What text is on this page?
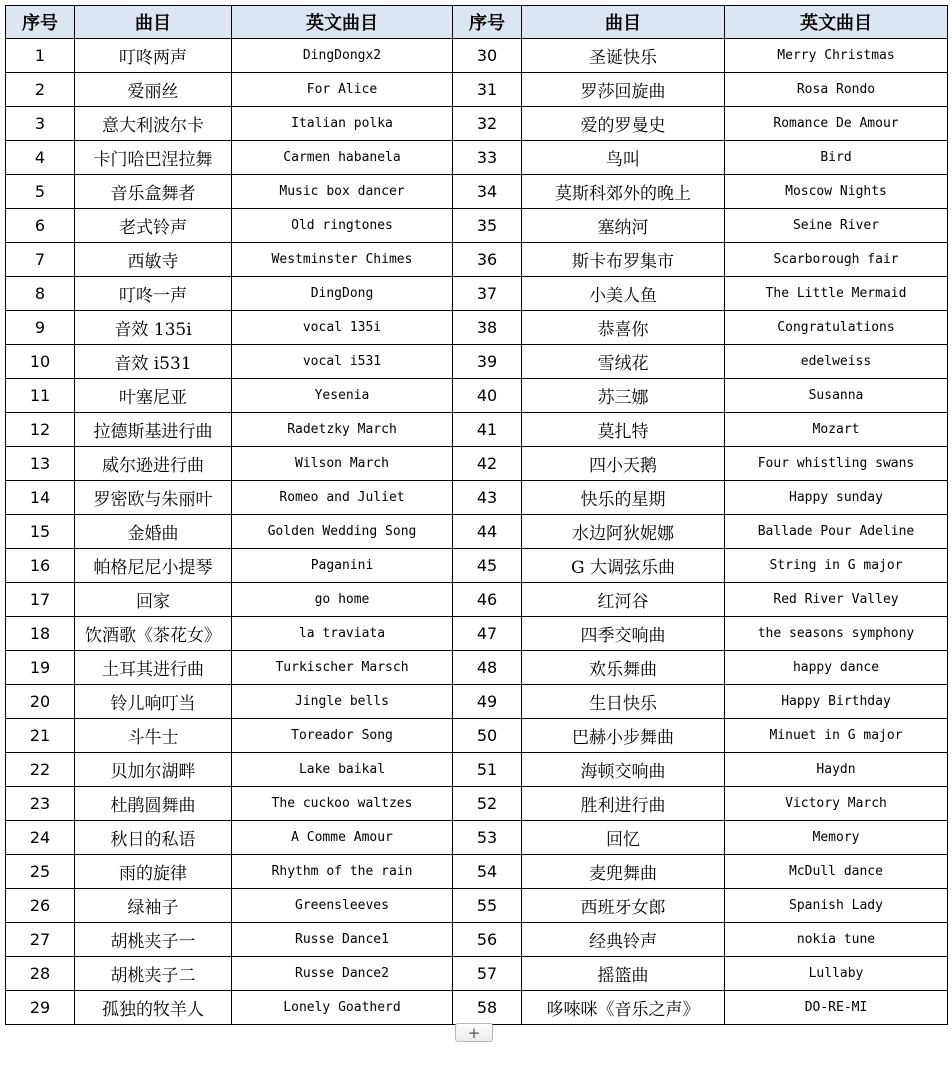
序号	曲目	英文曲目	序号	曲目	英文曲目
1	叮咚两声	DingDongx2	30	圣诞快乐	Merry Christmas
2	爱丽丝	For Alice	31	罗莎回旋曲	Rosa Rondo
3	意大利波尔卡	Italian polka	32	爱的罗曼史	Romance De Amour
4	卡门哈巴涅拉舞	Carmen habanela	33	鸟叫	Bird
5	音乐盒舞者	Music box dancer	34	莫斯科郊外的晚上	Moscow Nights
6	老式铃声	Old ringtones	35	塞纳河	Seine River
7	西敏寺	Westminster Chimes	36	斯卡布罗集市	Scarborough fair
8	叮咚一声	DingDong	37	小美人鱼	The Little Mermaid
9	音效 135i	vocal 135i	38	恭喜你	Congratulations
10	音效 i531	vocal i531	39	雪绒花	edelweiss
11	叶塞尼亚	Yesenia	40	苏三娜	Susanna
12	拉德斯基进行曲	Radetzky March	41	莫扎特	Mozart
13	威尔逊进行曲	Wilson March	42	四小天鹅	Four whistling swans
14	罗密欧与朱丽叶	Romeo and Juliet	43	快乐的星期	Happy sunday
15	金婚曲	Golden Wedding Song	44	水边阿狄妮娜	Ballade Pour Adeline
16	帕格尼尼小提琴	Paganini	45	G 大调弦乐曲	String in G major
17	回家	go home	46	红河谷	Red River Valley
18	饮酒歌《茶花女》	la traviata	47	四季交响曲	the seasons symphony
19	土耳其进行曲	Turkischer Marsch	48	欢乐舞曲	happy dance
20	铃儿响叮当	Jingle bells	49	生日快乐	Happy Birthday
21	斗牛士	Toreador Song	50	巴赫小步舞曲	Minuet in G major
22	贝加尔湖畔	Lake baikal	51	海顿交响曲	Haydn
23	杜鹃圆舞曲	The cuckoo waltzes	52	胜利进行曲	Victory March
24	秋日的私语	A Comme Amour	53	回忆	Memory
25	雨的旋律	Rhythm of the rain	54	麦兜舞曲	McDull dance
26	绿袖子	Greensleeves	55	西班牙女郎	Spanish Lady
27	胡桃夹子一	Russe Dance1	56	经典铃声	nokia tune
28	胡桃夹子二	Russe Dance2	57	摇篮曲	Lullaby
29	孤独的牧羊人	Lonely Goatherd	58	哆唻咪《音乐之声》	DO-RE-MI
+
